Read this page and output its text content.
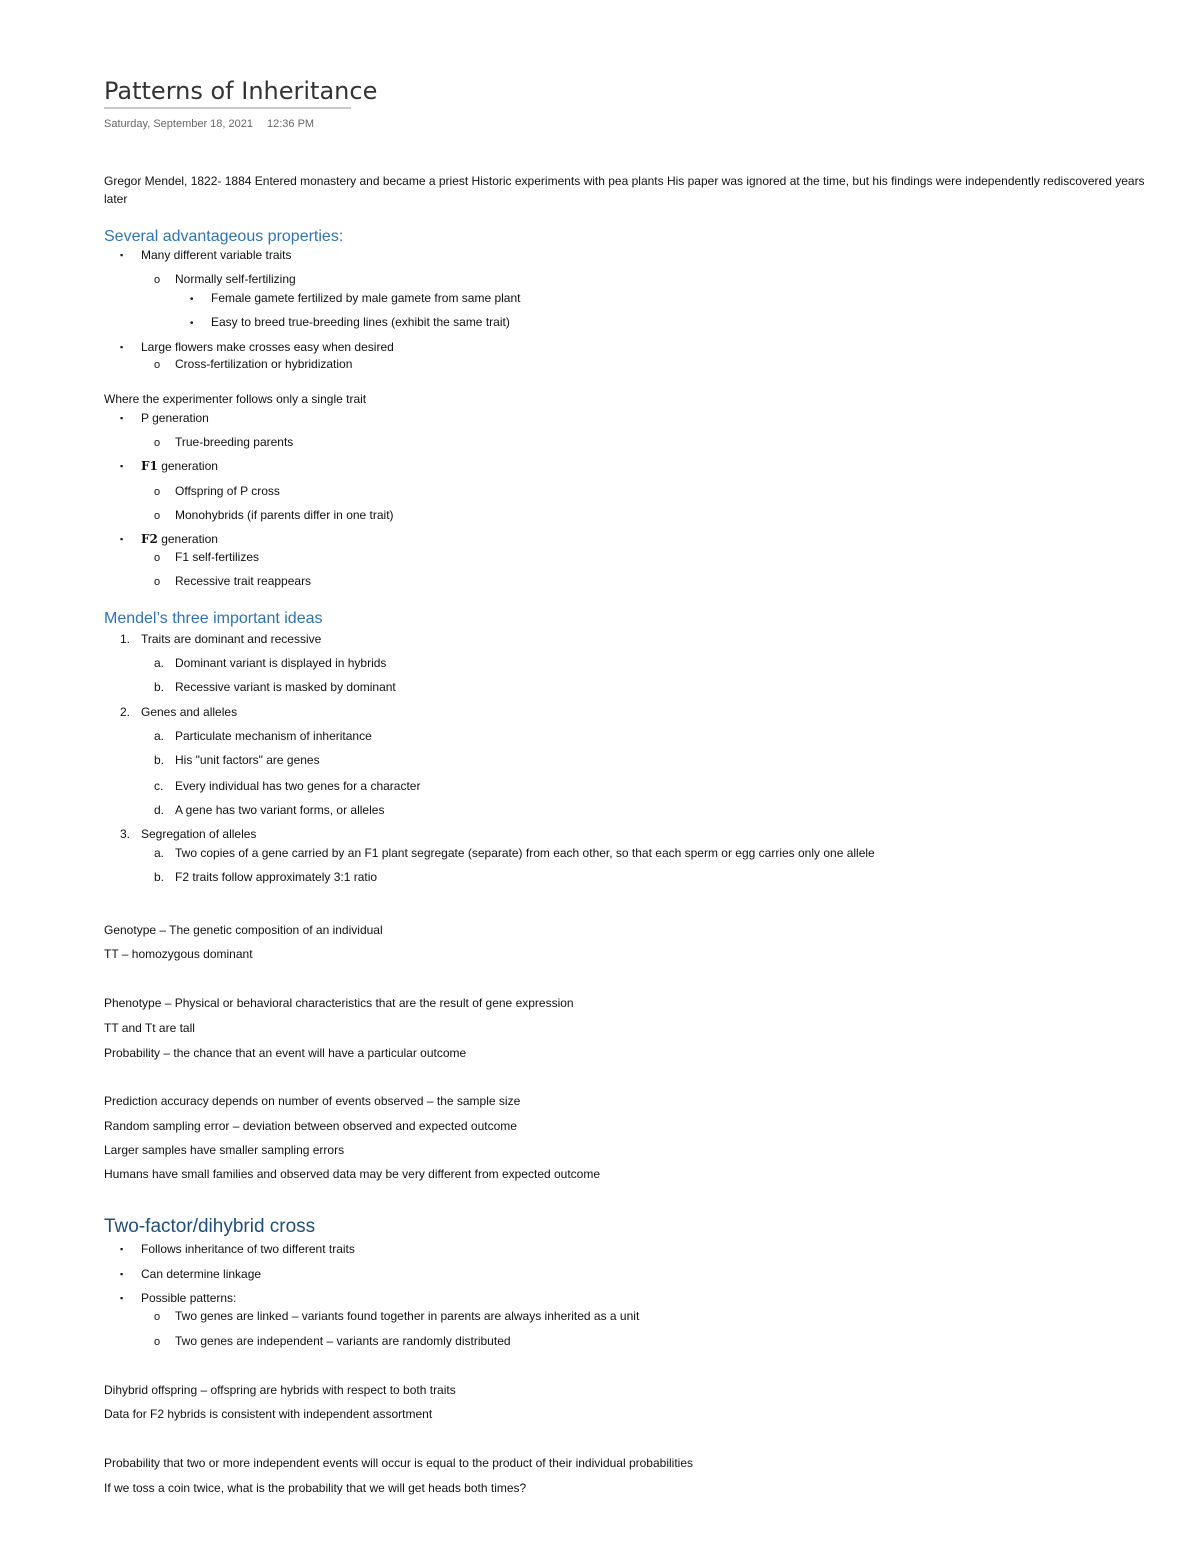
Patterns of Inheritance
Saturday, September 18, 2021 12:36 PM
Gregor Mendel, 1822- 1884 Entered monastery and became a priest Historic experiments with pea plants His paper was ignored at the time, but his findings were independently rediscovered years later
Several advantageous properties:
▪ Many different variable traits
o Normally self-fertilizing
• Female gamete fertilized by male gamete from same plant
• Easy to breed true-breeding lines (exhibit the same trait)
▪ Large flowers make crosses easy when desired
o Cross-fertilization or hybridization
Where the experimenter follows only a single trait
▪ P generation
o True-breeding parents
▪ F1 generation
o Offspring of P cross
o Monohybrids (if parents differ in one trait)
▪ F2 generation
o F1 self-fertilizes
o Recessive trait reappears
Mendel’s three important ideas
1. Traits are dominant and recessive
a. Dominant variant is displayed in hybrids
b. Recessive variant is masked by dominant
2. Genes and alleles
a. Particulate mechanism of inheritance
b. His "unit factors" are genes
c. Every individual has two genes for a character
d. A gene has two variant forms, or alleles
3. Segregation of alleles
a. Two copies of a gene carried by an F1 plant segregate (separate) from each other, so that each sperm or egg carries only one allele
b. F2 traits follow approximately 3:1 ratio
Genotype – The genetic composition of an individual
TT – homozygous dominant
Phenotype – Physical or behavioral characteristics that are the result of gene expression
TT and Tt are tall
Probability – the chance that an event will have a particular outcome
Prediction accuracy depends on number of events observed – the sample size
Random sampling error – deviation between observed and expected outcome
Larger samples have smaller sampling errors
Humans have small families and observed data may be very different from expected outcome
Two-factor/dihybrid cross
▪ Follows inheritance of two different traits
▪ Can determine linkage
▪ Possible patterns:
o Two genes are linked – variants found together in parents are always inherited as a unit
o Two genes are independent – variants are randomly distributed
Dihybrid offspring – offspring are hybrids with respect to both traits
Data for F2 hybrids is consistent with independent assortment
Probability that two or more independent events will occur is equal to the product of their individual probabilities
If we toss a coin twice, what is the probability that we will get heads both times?
